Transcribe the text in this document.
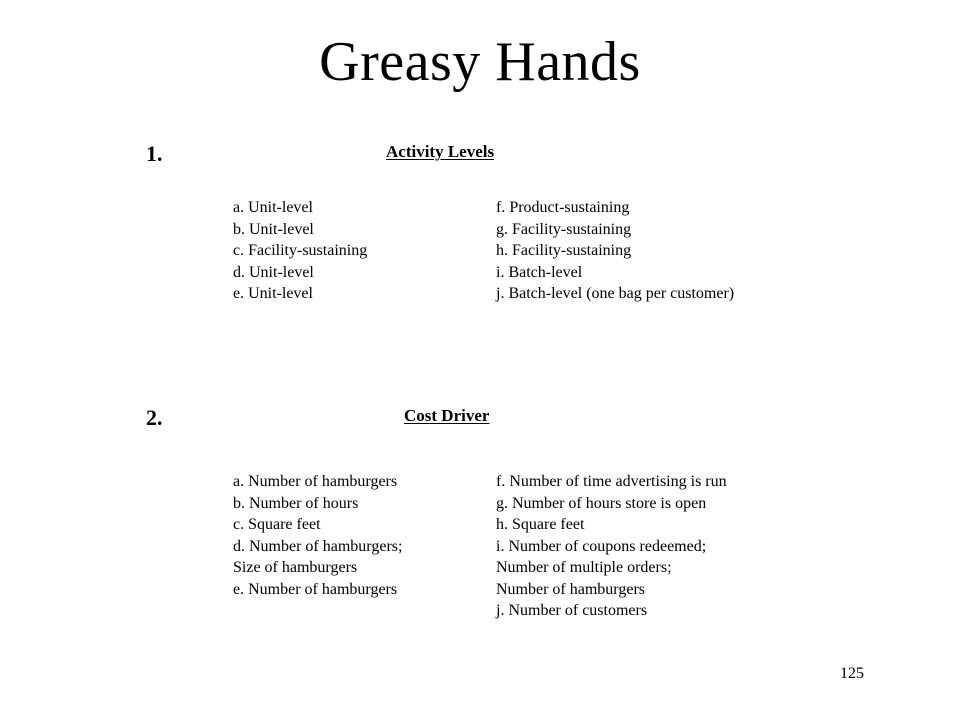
Greasy Hands
1.	Activity Levels
a. Unit-level
b. Unit-level
c. Facility-sustaining
d. Unit-level
e. Unit-level
f. Product-sustaining
g. Facility-sustaining
h. Facility-sustaining
i. Batch-level
j. Batch-level (one bag per customer)
2.	Cost Driver
a. Number of hamburgers
b. Number of hours
c. Square feet
d. Number of hamburgers;
Size of hamburgers
e. Number of hamburgers
f. Number of time advertising is run
g. Number of hours store is open
h. Square feet
i. Number of coupons redeemed;
Number of multiple orders;
Number of hamburgers
j. Number of customers
125
